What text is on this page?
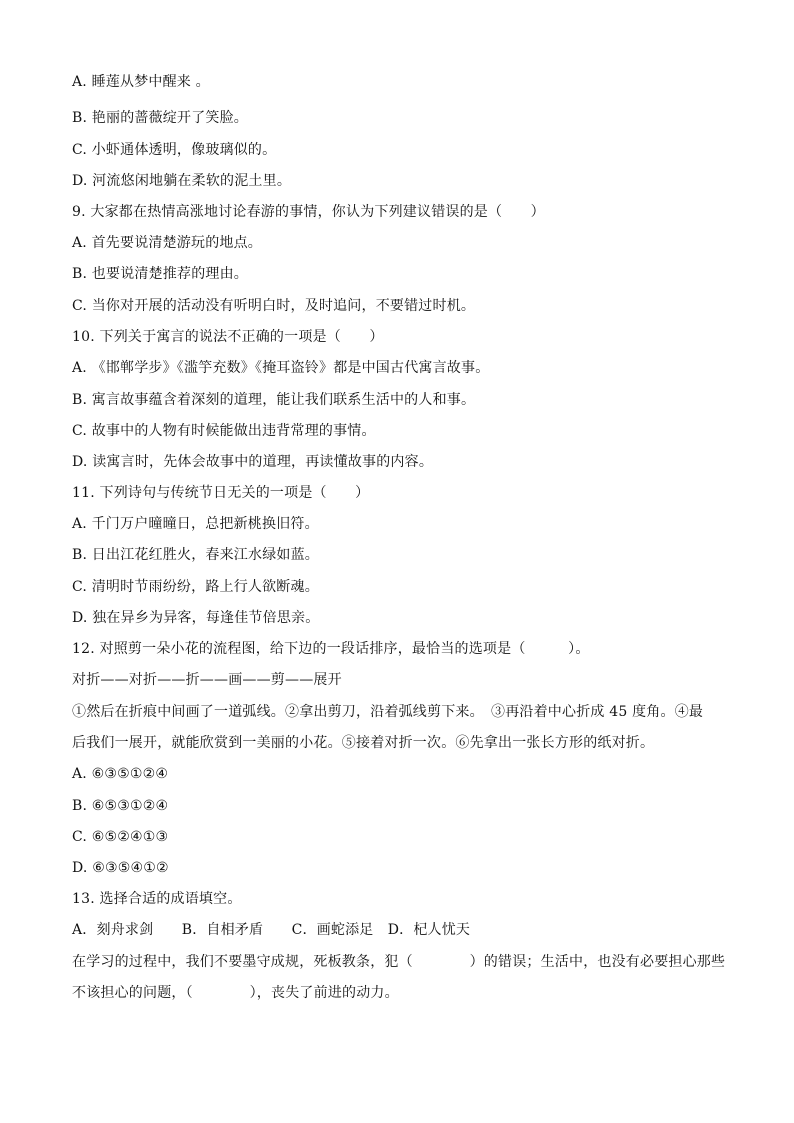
A. 睡莲从梦中醒来 。
B. 艳丽的蔷薇绽开了笑脸。
C. 小虾通体透明，像玻璃似的。
D. 河流悠闲地躺在柔软的泥土里。
9. 大家都在热情高涨地讨论春游的事情，你认为下列建议错误的是（　　）
A. 首先要说清楚游玩的地点。
B. 也要说清楚推荐的理由。
C. 当你对开展的活动没有听明白时，及时追问，不要错过时机。
10. 下列关于寓言的说法不正确的一项是（　　）
A. 《邯郸学步》《滥竽充数》《掩耳盗铃》都是中国古代寓言故事。
B. 寓言故事蕴含着深刻的道理，能让我们联系生活中的人和事。
C. 故事中的人物有时候能做出违背常理的事情。
D. 读寓言时，先体会故事中的道理，再读懂故事的内容。
11. 下列诗句与传统节日无关的一项是（　　）
A. 千门万户曈曈日，总把新桃换旧符。
B. 日出江花红胜火，春来江水绿如蓝。
C. 清明时节雨纷纷，路上行人欲断魂。
D. 独在异乡为异客，每逢佳节倍思亲。
12. 对照剪一朵小花的流程图，给下边的一段话排序，最恰当的选项是（　　　）。
对折——对折——折——画——剪——展开
①然后在折痕中间画了一道弧线。②拿出剪刀，沿着弧线剪下来。　③再沿着中心折成 45 度角。④最
后我们一展开，就能欣赏到一美丽的小花。⑤接着对折一次。⑥先拿出一张长方形的纸对折。
A. ⑥③⑤①②④
B. ⑥⑤③①②④
C. ⑥⑤②④①③
D. ⑥③⑤④①②
13. 选择合适的成语填空。
A．刻舟求剑　　B．自相矛盾　　C．画蛇添足　D．杞人忧天
在学习的过程中，我们不要墨守成规，死板教条，犯（　　　　）的错误；生活中，也没有必要担心那些
不该担心的问题，（　　　　），丧失了前进的动力。
